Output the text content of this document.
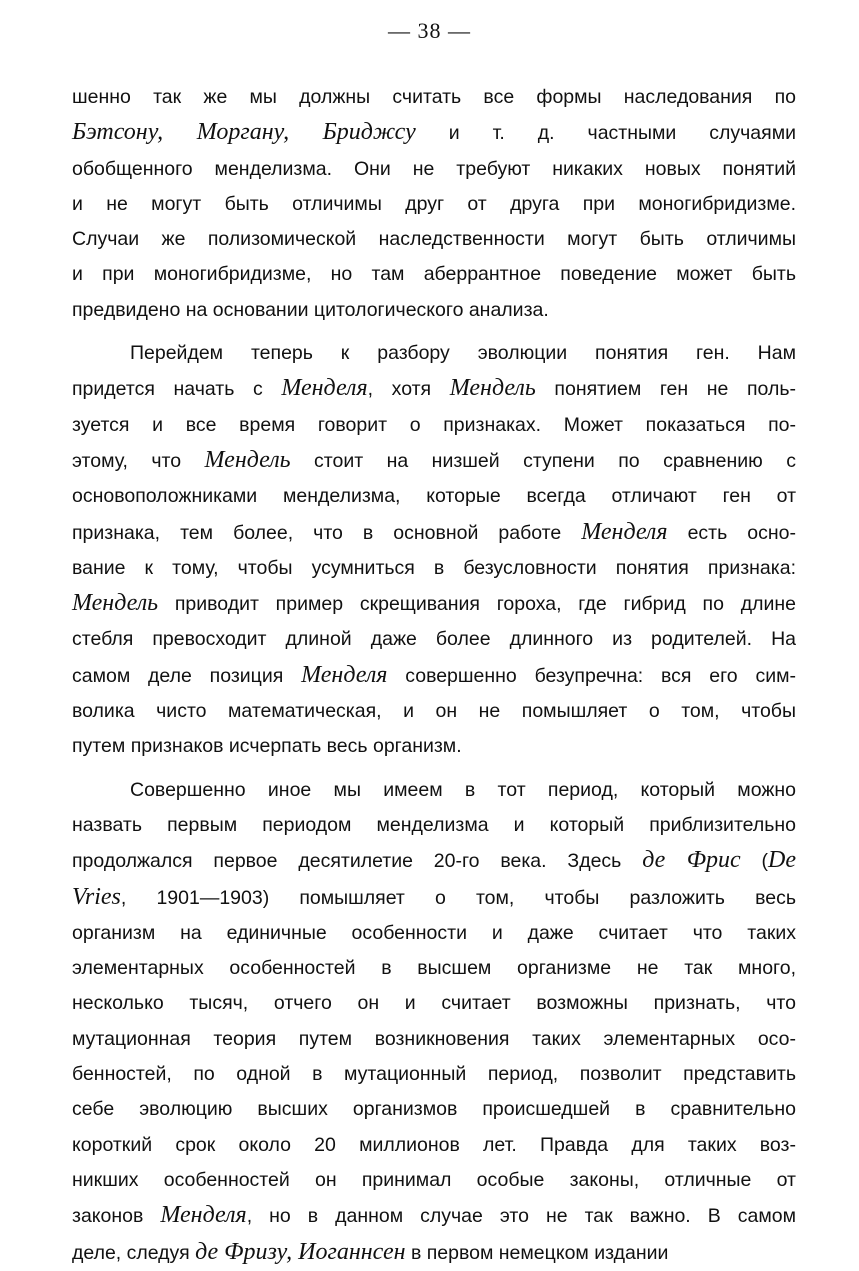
— 38 —
шенно так же мы должны считать все формы наследования по
Бэтсону, Моргану, Бриджсу и т. д. частными случаями
обобщенного менделизма. Они не требуют никаких новых понятий
и не могут быть отличимы друг от друга при моногибридизме.
Случаи же полизомической наследственности могут быть отличимы
и при моногибридизме, но там аберрантное поведение может быть
предвидено на основании цитологического анализа.
Перейдем теперь к разбору эволюции понятия ген. Нам
придется начать с Менделя, хотя Мендель понятием ген не поль-
зуется и все время говорит о признаках. Может показаться по-
этому, что Мендель стоит на низшей ступени по сравнению с
основоположниками менделизма, которые всегда отличают ген от
признака, тем более, что в основной работе Менделя есть осно-
вание к тому, чтобы усумниться в безусловности понятия признака:
Мендель приводит пример скрещивания гороха, где гибрид по длине
стебля превосходит длиной даже более длинного из родителей. На
самом деле позиция Менделя совершенно безупречна: вся его сим-
волика чисто математическая, и он не помышляет о том, чтобы
путем признаков исчерпать весь организм.
Совершенно иное мы имеем в тот период, который можно
назвать первым периодом менделизма и который приблизительно
продолжался первое десятилетие 20-го века. Здесь де Фрис (De
Vries, 1901—1903) помышляет о том, чтобы разложить весь
организм на единичные особенности и даже считает что таких
элементарных особенностей в высшем организме не так много,
несколько тысяч, отчего он и считает возможны признать, что
мутационная теория путем возникновения таких элементарных осо-
бенностей, по одной в мутационный период, позволит представить
себе эволюцию высших организмов происшедшей в сравнительно
короткий срок около 20 миллионов лет. Правда для таких воз-
никших особенностей он принимал особые законы, отличные от
законов Менделя, но в данном случае это не так важно. В самом
деле, следуя де Фризу, Иоганнсен в первом немецком издании
